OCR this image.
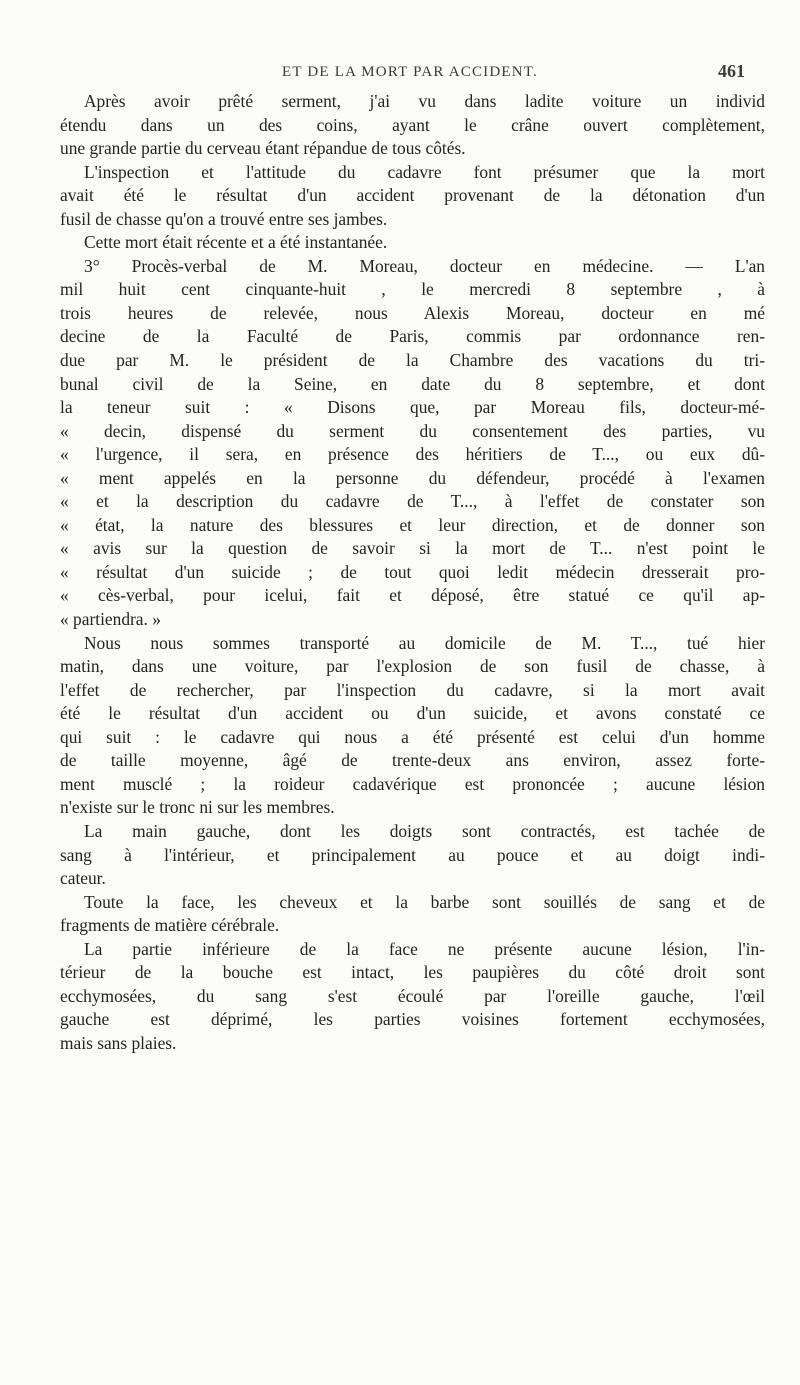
ET DE LA MORT PAR ACCIDENT.	461
Après avoir prêté serment, j'ai vu dans ladite voiture un individ
étendu dans un des coins, ayant le crâne ouvert complètement,
une grande partie du cerveau étant répandue de tous côtés.
L'inspection et l'attitude du cadavre font présumer que la mort
avait été le résultat d'un accident provenant de la détonation d'un
fusil de chasse qu'on a trouvé entre ses jambes.
Cette mort était récente et a été instantanée.
3° Procès-verbal de M. Moreau, docteur en médecine. — L'an
mil huit cent cinquante-huit , le mercredi 8 septembre , à
trois heures de relevée, nous Alexis Moreau, docteur en mé
decine de la Faculté de Paris, commis par ordonnance ren-
due par M. le président de la Chambre des vacations du tri-
bunal civil de la Seine, en date du 8 septembre, et dont
la teneur suit : « Disons que, par Moreau fils, docteur-mé-
« decin, dispensé du serment du consentement des parties, vu
« l'urgence, il sera, en présence des héritiers de T..., ou eux dû-
« ment appelés en la personne du défendeur, procédé à l'examen
« et la description du cadavre de T..., à l'effet de constater son
« état, la nature des blessures et leur direction, et de donner son
« avis sur la question de savoir si la mort de T... n'est point le
« résultat d'un suicide ; de tout quoi ledit médecin dresserait pro-
« cès-verbal, pour icelui, fait et déposé, être statué ce qu'il ap-
« partiendra. »
Nous nous sommes transporté au domicile de M. T..., tué hier
matin, dans une voiture, par l'explosion de son fusil de chasse, à
l'effet de rechercher, par l'inspection du cadavre, si la mort avait
été le résultat d'un accident ou d'un suicide, et avons constaté ce
qui suit : le cadavre qui nous a été présenté est celui d'un homme
de taille moyenne, âgé de trente-deux ans environ, assez forte-
ment musclé ; la roideur cadavérique est prononcée ; aucune lésion
n'existe sur le tronc ni sur les membres.
La main gauche, dont les doigts sont contractés, est tachée de
sang à l'intérieur, et principalement au pouce et au doigt indi-
cateur.
Toute la face, les cheveux et la barbe sont souillés de sang et de
fragments de matière cérébrale.
La partie inférieure de la face ne présente aucune lésion, l'in-
térieur de la bouche est intact, les paupières du côté droit sont
ecchymosées, du sang s'est écoulé par l'oreille gauche, l'œil
gauche est déprimé, les parties voisines fortement ecchymosées,
mais sans plaies.
